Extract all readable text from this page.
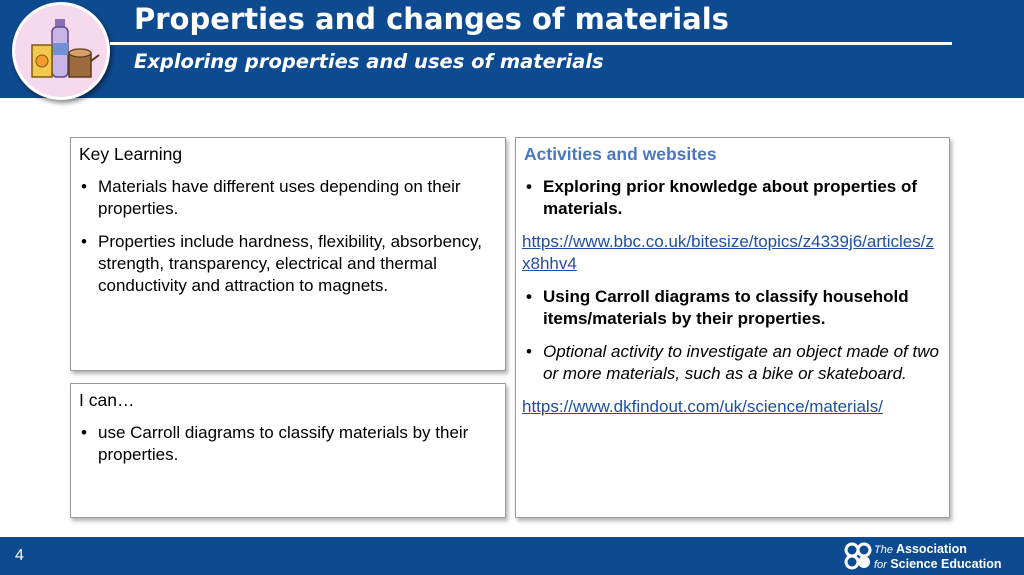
Properties and changes of materials
Exploring properties and uses of materials
Key Learning
• Materials have different uses depending on their properties.
• Properties include hardness, flexibility, absorbency, strength, transparency, electrical and thermal conductivity and attraction to magnets.
I can…
• use Carroll diagrams to classify materials by their properties.
Activities and websites
• Exploring prior knowledge about properties of materials.
https://www.bbc.co.uk/bitesize/topics/z4339j6/articles/zx8hhv4
• Using Carroll diagrams to classify household items/materials by their properties.
• Optional activity to investigate an object made of two or more materials, such as a bike or skateboard.
https://www.dkfindout.com/uk/science/materials/
4	The Association
for Science Education
